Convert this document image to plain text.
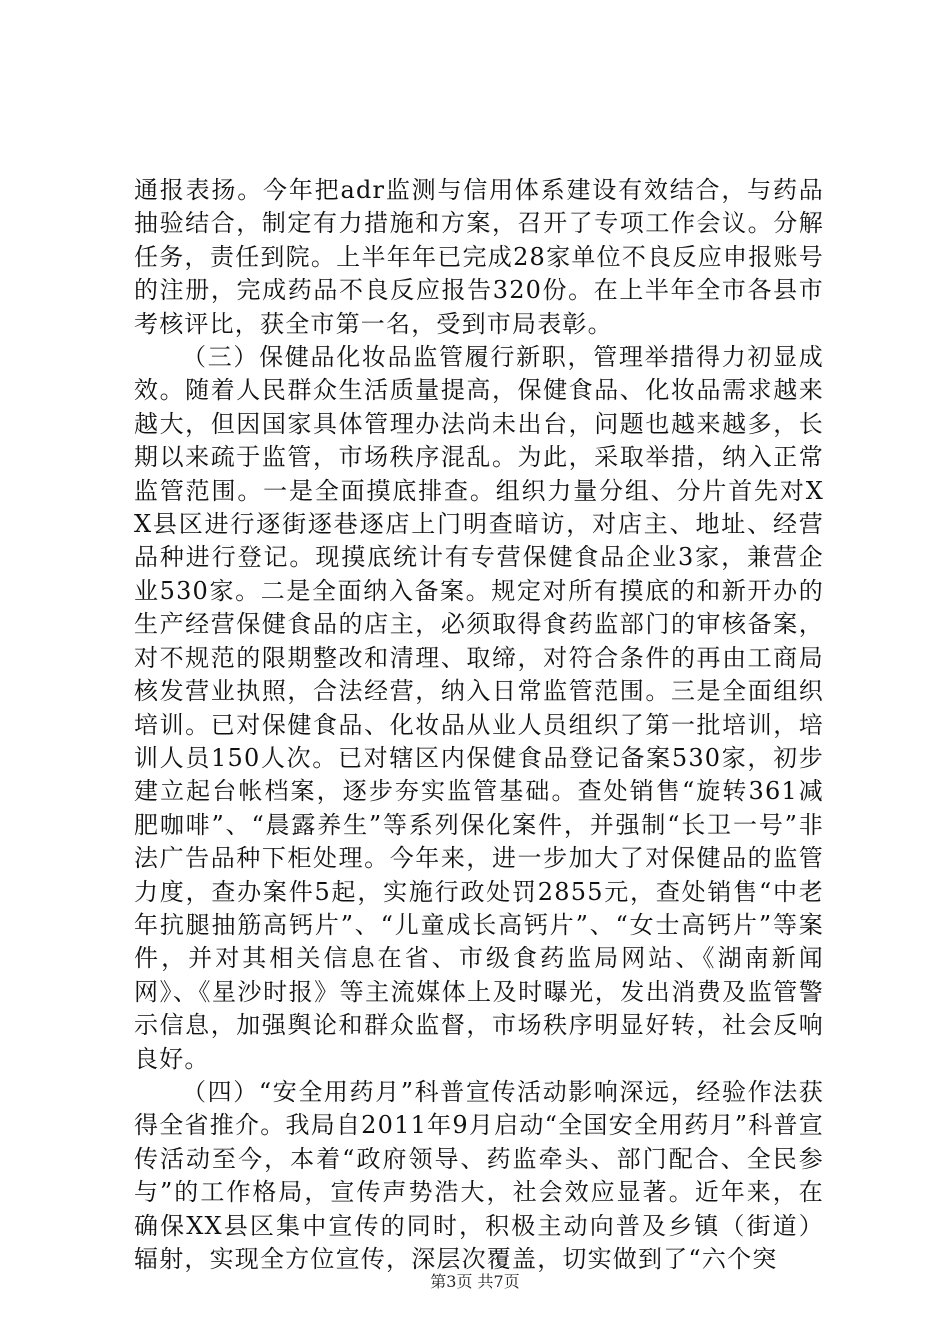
通报表扬。今年把adr监测与信用体系建设有效结合，与药品抽验结合，制定有力措施和方案，召开了专项工作会议。分解任务，责任到院。上半年年已完成28家单位不良反应申报账号的注册，完成药品不良反应报告320份。在上半年全市各县市考核评比，获全市第一名，受到市局表彰。

（三）保健品化妆品监管履行新职，管理举措得力初显成效。随着人民群众生活质量提高，保健食品、化妆品需求越来越大，但因国家具体管理办法尚未出台，问题也越来越多，长期以来疏于监管，市场秩序混乱。为此，采取举措，纳入正常监管范围。一是全面摸底排查。组织力量分组、分片首先对XX县区进行逐街逐巷逐店上门明查暗访，对店主、地址、经营品种进行登记。现摸底统计有专营保健食品企业3家，兼营企业530家。二是全面纳入备案。规定对所有摸底的和新开办的生产经营保健食品的店主，必须取得食药监部门的审核备案，对不规范的限期整改和清理、取缔，对符合条件的再由工商局核发营业执照，合法经营，纳入日常监管范围。三是全面组织培训。已对保健食品、化妆品从业人员组织了第一批培训，培训人员150人次。已对辖区内保健食品登记备案530家，初步建立起台帐档案，逐步夯实监管基础。查处销售“旋转361减肥咖啡”、“晨露养生”等系列保化案件，并强制“长卫一号”非法广告品种下柜处理。今年来，进一步加大了对保健品的监管力度，查办案件5起，实施行政处罚2855元，查处销售“中老年抗腿抽筋高钙片”、“儿童成长高钙片”、“女士高钙片”等案件，并对其相关信息在省、市级食药监局网站、《湖南新闻网》、《星沙时报》等主流媒体上及时曝光，发出消费及监管警示信息，加强舆论和群众监督，市场秩序明显好转，社会反响良好。

（四）“安全用药月”科普宣传活动影响深远，经验作法获得全省推介。我局自2011年9月启动“全国安全用药月”科普宣传活动至今，本着“政府领导、药监牵头、部门配合、全民参与”的工作格局，宣传声势浩大，社会效应显著。近年来，在确保XX县区集中宣传的同时，积极主动向普及乡镇（街道）辐射，实现全方位宣传，深层次覆盖，切实做到了“六个突

第3页 共7页
